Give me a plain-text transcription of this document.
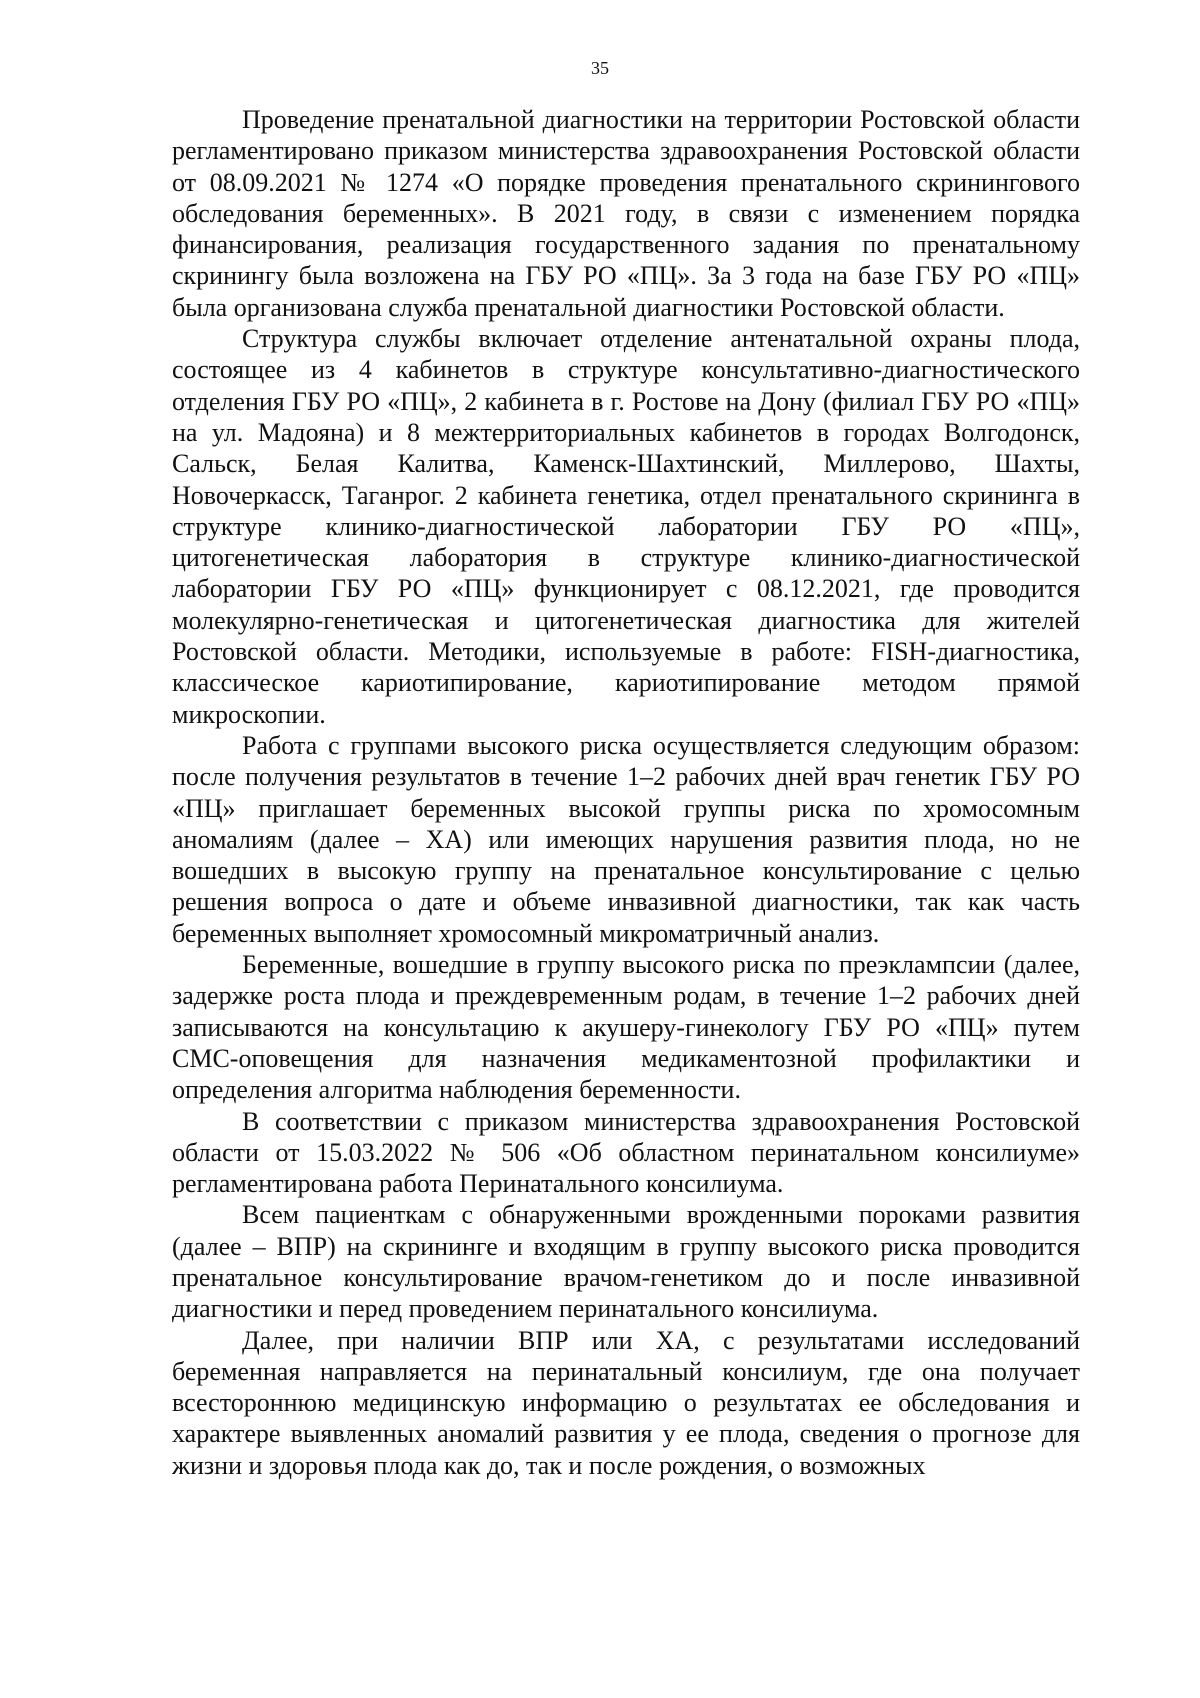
35

Проведение пренатальной диагностики на территории Ростовской области регламентировано приказом министерства здравоохранения Ростовской области от 08.09.2021 № 1274 «О порядке проведения пренатального скринингового обследования беременных». В 2021 году, в связи с изменением порядка финансирования, реализация государственного задания по пренатальному скринингу была возложена на ГБУ РО «ПЦ». За 3 года на базе ГБУ РО «ПЦ» была организована служба пренатальной диагностики Ростовской области.

Структура службы включает отделение антенатальной охраны плода, состоящее из 4 кабинетов в структуре консультативно-диагностического отделения ГБУ РО «ПЦ», 2 кабинета в г. Ростове на Дону (филиал ГБУ РО «ПЦ» на ул. Мадояна) и 8 межтерриториальных кабинетов в городах Волгодонск, Сальск, Белая Калитва, Каменск-Шахтинский, Миллерово, Шахты, Новочеркасск, Таганрог. 2 кабинета генетика, отдел пренатального скрининга в структуре клинико-диагностической лаборатории ГБУ РО «ПЦ», цитогенетическая лаборатория в структуре клинико-диагностической лаборатории ГБУ РО «ПЦ» функционирует с 08.12.2021, где проводится молекулярно-генетическая и цитогенетическая диагностика для жителей Ростовской области. Методики, используемые в работе: FISH-диагностика, классическое кариотипирование, кариотипирование методом прямой микроскопии.

Работа с группами высокого риска осуществляется следующим образом: после получения результатов в течение 1–2 рабочих дней врач генетик ГБУ РО «ПЦ» приглашает беременных высокой группы риска по хромосомным аномалиям (далее – ХА) или имеющих нарушения развития плода, но не вошедших в высокую группу на пренатальное консультирование с целью решения вопроса о дате и объеме инвазивной диагностики, так как часть беременных выполняет хромосомный микроматричный анализ.

Беременные, вошедшие в группу высокого риска по преэклампсии (далее, задержке роста плода и преждевременным родам, в течение 1–2 рабочих дней записываются на консультацию к акушеру-гинекологу ГБУ РО «ПЦ» путем СМС-оповещения для назначения медикаментозной профилактики и определения алгоритма наблюдения беременности.

В соответствии с приказом министерства здравоохранения Ростовской области от 15.03.2022 № 506 «Об областном перинатальном консилиуме» регламентирована работа Перинатального консилиума.

Всем пациенткам с обнаруженными врожденными пороками развития (далее – ВПР) на скрининге и входящим в группу высокого риска проводится пренатальное консультирование врачом-генетиком до и после инвазивной диагностики и перед проведением перинатального консилиума.

Далее, при наличии ВПР или ХА, с результатами исследований беременная направляется на перинатальный консилиум, где она получает всестороннюю медицинскую информацию о результатах ее обследования и характере выявленных аномалий развития у ее плода, сведения о прогнозе для жизни и здоровья плода как до, так и после рождения, о возможных
